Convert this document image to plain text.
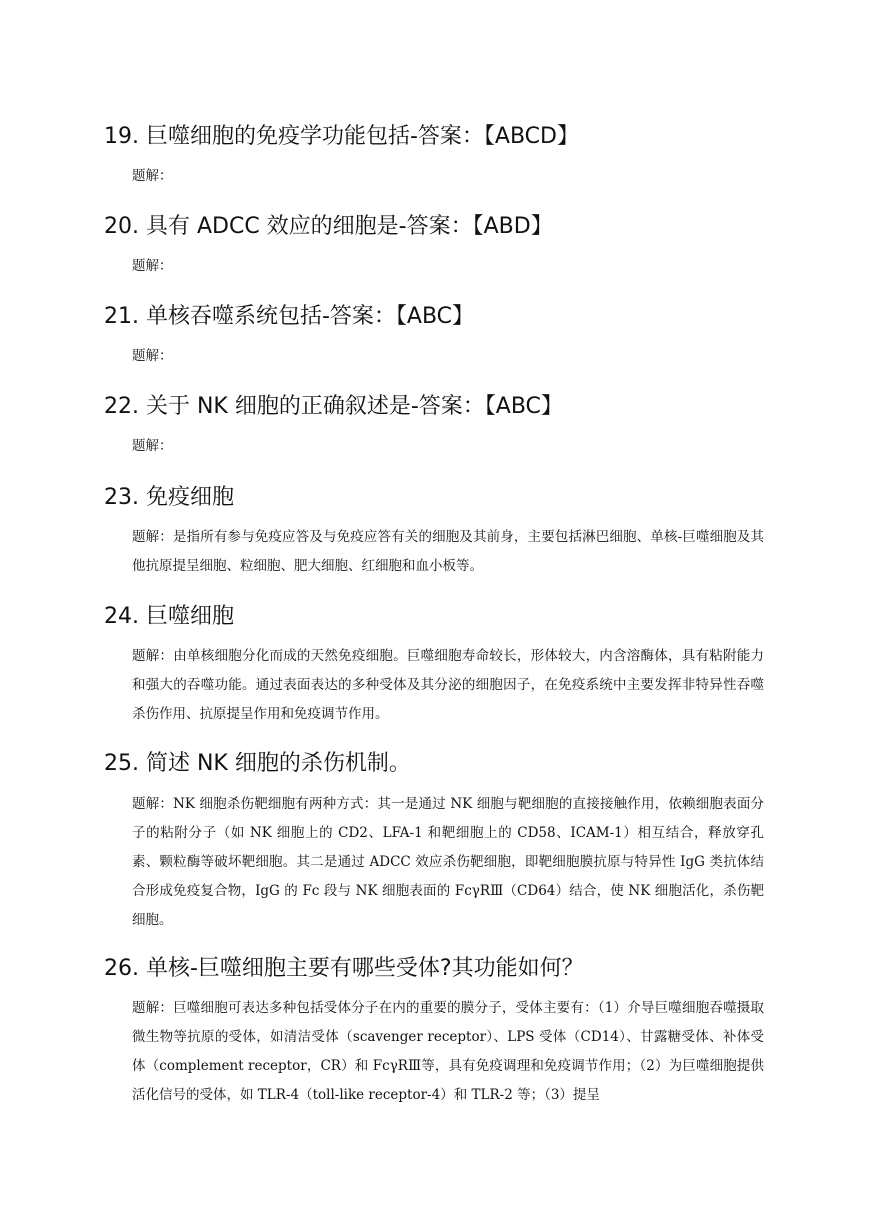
19. 巨噬细胞的免疫学功能包括-答案：【ABCD】

题解：

20. 具有 ADCC 效应的细胞是-答案：【ABD】

题解：

21. 单核吞噬系统包括-答案：【ABC】

题解：

22. 关于 NK 细胞的正确叙述是-答案：【ABC】

题解：

23. 免疫细胞

题解：是指所有参与免疫应答及与免疫应答有关的细胞及其前身，主要包括淋巴细胞、单核-巨噬细胞及其他抗原提呈细胞、粒细胞、肥大细胞、红细胞和血小板等。

24. 巨噬细胞

题解：由单核细胞分化而成的天然免疫细胞。巨噬细胞寿命较长，形体较大，内含溶酶体，具有粘附能力和强大的吞噬功能。通过表面表达的多种受体及其分泌的细胞因子，在免疫系统中主要发挥非特异性吞噬杀伤作用、抗原提呈作用和免疫调节作用。

25. 简述 NK 细胞的杀伤机制。

题解：NK 细胞杀伤靶细胞有两种方式：其一是通过 NK 细胞与靶细胞的直接接触作用，依赖细胞表面分子的粘附分子（如 NK 细胞上的 CD2、LFA-1 和靶细胞上的 CD58、ICAM-1）相互结合，释放穿孔素、颗粒酶等破坏靶细胞。其二是通过 ADCC 效应杀伤靶细胞，即靶细胞膜抗原与特异性 IgG 类抗体结合形成免疫复合物，IgG 的 Fc 段与 NK 细胞表面的 FcγRⅢ（CD64）结合，使 NK 细胞活化，杀伤靶细胞。

26. 单核-巨噬细胞主要有哪些受体?其功能如何？

题解：巨噬细胞可表达多种包括受体分子在内的重要的膜分子，受体主要有：（1）介导巨噬细胞吞噬摄取微生物等抗原的受体，如清洁受体（scavenger receptor）、LPS 受体（CD14）、甘露糖受体、补体受体（complement receptor，CR）和 FcγRⅢ等，具有免疫调理和免疫调节作用；（2）为巨噬细胞提供活化信号的受体，如 TLR-4（toll-like receptor-4）和 TLR-2 等；（3）提呈
